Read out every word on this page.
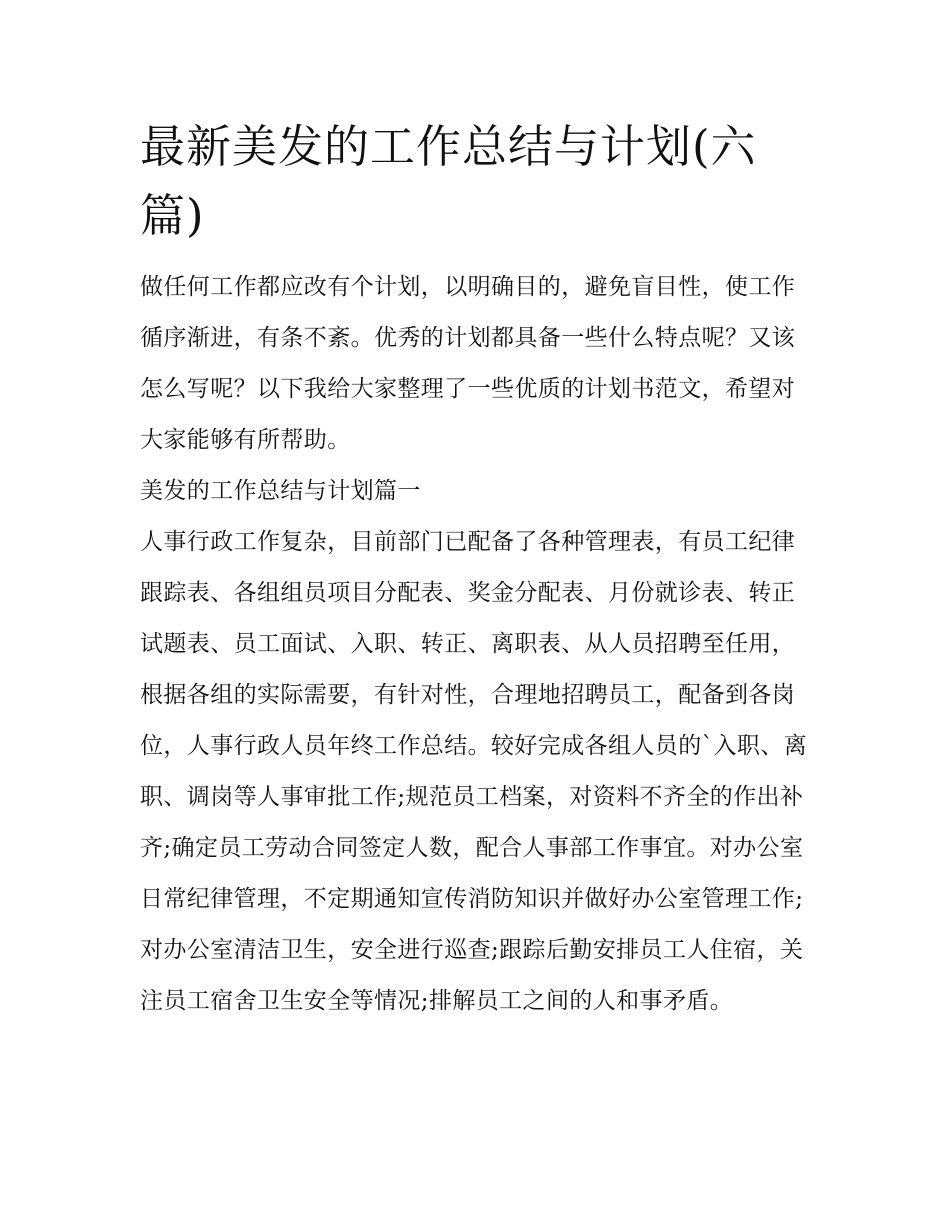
最新美发的工作总结与计划(六篇)

做任何工作都应改有个计划，以明确目的，避免盲目性，使工作循序渐进，有条不紊。优秀的计划都具备一些什么特点呢？又该怎么写呢？以下我给大家整理了一些优质的计划书范文，希望对大家能够有所帮助。

美发的工作总结与计划篇一

人事行政工作复杂，目前部门已配备了各种管理表，有员工纪律跟踪表、各组组员项目分配表、奖金分配表、月份就诊表、转正试题表、员工面试、入职、转正、离职表、从人员招聘至任用，根据各组的实际需要，有针对性，合理地招聘员工，配备到各岗位，人事行政人员年终工作总结。较好完成各组人员的`入职、离职、调岗等人事审批工作;规范员工档案，对资料不齐全的作出补齐;确定员工劳动合同签定人数，配合人事部工作事宜。对办公室日常纪律管理，不定期通知宣传消防知识并做好办公室管理工作;对办公室清洁卫生，安全进行巡查;跟踪后勤安排员工人住宿，关注员工宿舍卫生安全等情况;排解员工之间的人和事矛盾。
